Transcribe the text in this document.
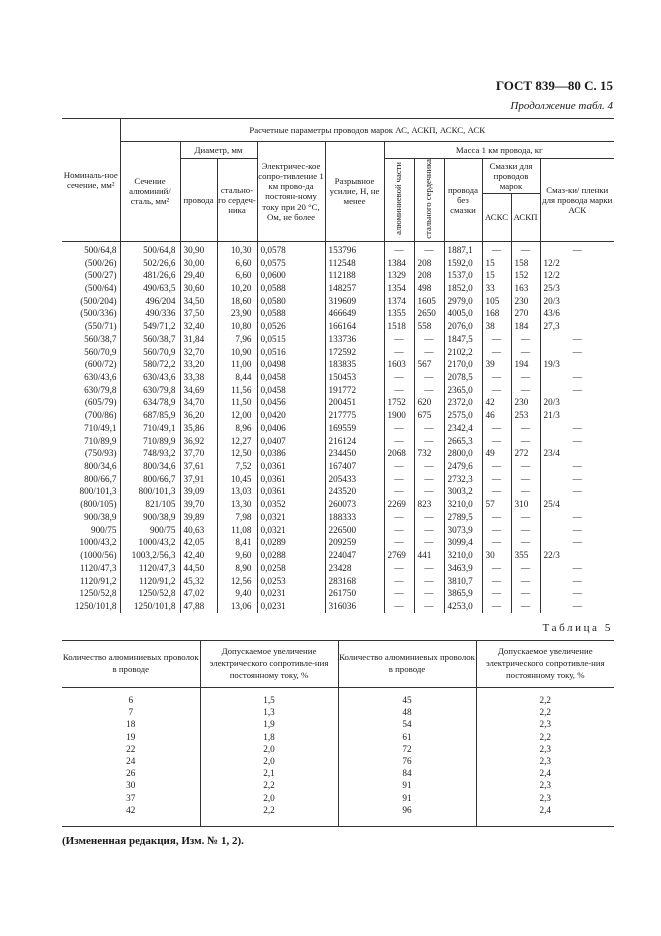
ГОСТ 839—80 С. 15
Продолжение табл. 4
Номиналь-ное сечение, мм²	Расчетные параметры проводов марок АС, АСКП, АСКС, АСК										
	Сечение алюминий/сталь, мм²	Диаметр, мм		Электричес-кое сопро-тивление 1 км прово-да постоян-ному току при 20 °С, Ом, не более	Разрывное усилие, Н, не менее	Масса 1 км провода, кг					
		провода	стально-го сердеч-ника			алюминиевой части	стального сердечника	провода без смазки	Смазки для проводов марок		Смаз-ки/ пленки для провода марки АСК
									АСКС	АСКП	
500/64,8	500/64,8	30,90	10,30	0,0578	153796	—	—	1887,1	—	—	—
(500/26)	502/26,6	30,00	6,60	0,0575	112548	1384	208	1592,0	15	158	12/2
(500/27)	481/26,6	29,40	6,60	0,0600	112188	1329	208	1537,0	15	152	12/2
(500/64)	490/63,5	30,60	10,20	0,0588	148257	1354	498	1852,0	33	163	25/3
(500/204)	496/204	34,50	18,60	0,0580	319609	1374	1605	2979,0	105	230	20/3
(500/336)	490/336	37,50	23,90	0,0588	466649	1355	2650	4005,0	168	270	43/6
(550/71)	549/71,2	32,40	10,80	0,0526	166164	1518	558	2076,0	38	184	27,3
560/38,7	560/38,7	31,84	7,96	0,0515	133736	—	—	1847,5	—	—	—
560/70,9	560/70,9	32,70	10,90	0,0516	172592	—	—	2102,2	—	—	—
(600/72)	580/72,2	33,20	11,00	0,0498	183835	1603	567	2170,0	39	194	19/3
630/43,6	630/43,6	33,38	8,44	0,0458	150453	—	—	2078,5	—	—	—
630/79,8	630/79,8	34,69	11,56	0,0458	191772	—	—	2365,0	—	—	—
(605/79)	634/78,9	34,70	11,50	0,0456	200451	1752	620	2372,0	42	230	20/3
(700/86)	687/85,9	36,20	12,00	0,0420	217775	1900	675	2575,0	46	253	21/3
710/49,1	710/49,1	35,86	8,96	0,0406	169559	—	—	2342,4	—	—	—
710/89,9	710/89,9	36,92	12,27	0,0407	216124	—	—	2665,3	—	—	—
(750/93)	748/93,2	37,70	12,50	0,0386	234450	2068	732	2800,0	49	272	23/4
800/34,6	800/34,6	37,61	7,52	0,0361	167407	—	—	2479,6	—	—	—
800/66,7	800/66,7	37,91	10,45	0,0361	205433	—	—	2732,3	—	—	—
800/101,3	800/101,3	39,09	13,03	0,0361	243520	—	—	3003,2	—	—	—
(800/105)	821/105	39,70	13,30	0,0352	260073	2269	823	3210,0	57	310	25/4
900/38,9	900/38,9	39,89	7,98	0,0321	188333	—	—	2789,5	—	—	—
900/75	900/75	40,63	11,08	0,0321	226500	—	—	3073,9	—	—	—
1000/43,2	1000/43,2	42,05	8,41	0,0289	209259	—	—	3099,4	—	—	—
(1000/56)	1003,2/56,3	42,40	9,60	0,0288	224047	2769	441	3210,0	30	355	22/3
1120/47,3	1120/47,3	44,50	8,90	0,0258	23428	—	—	3463,9	—	—	—
1120/91,2	1120/91,2	45,32	12,56	0,0253	283168	—	—	3810,7	—	—	—
1250/52,8	1250/52,8	47,02	9,40	0,0231	261750	—	—	3865,9	—	—	—
1250/101,8	1250/101,8	47,88	13,06	0,0231	316036	—	—	4253,0	—	—	—
Таблица 5
Количество алюминиевых проволок в проводе	Допускаемое увеличение электрического сопротивле-ния постоянному току, %	Количество алюминиевых проволок в проводе	Допускаемое увеличение электрического сопротивле-ния постоянному току, %
6	1,5	45	2,2
7	1,3	48	2,2
18	1,9	54	2,3
19	1,8	61	2,2
22	2,0	72	2,3
24	2,0	76	2,3
26	2,1	84	2,4
30	2,2	91	2,3
37	2,0	91	2,3
42	2,2	96	2,4
(Измененная редакция, Изм. № 1, 2).
